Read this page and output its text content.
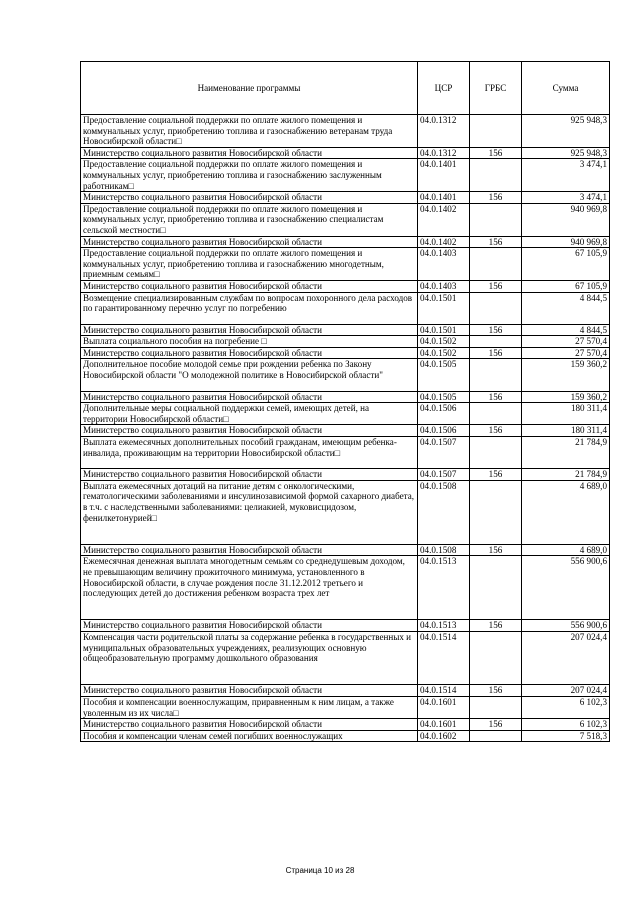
Наименование программы	ЦСР	ГРБС	Сумма
Предоставление социальной поддержки по оплате жилого помещения и коммунальных услуг, приобретению топлива и газоснабжению ветеранам труда Новосибирской области□	04.0.1312		925 948,3
Министерство социального развития Новосибирской области	04.0.1312	156	925 948,3
Предоставление социальной поддержки по оплате жилого помещения и коммунальных услуг, приобретению топлива и газоснабжению заслуженным работникам□	04.0.1401		3 474,1
Министерство социального развития Новосибирской области	04.0.1401	156	3 474,1
Предоставление социальной поддержки по оплате жилого помещения и коммунальных услуг, приобретению топлива и газоснабжению специалистам сельской местности□	04.0.1402		940 969,8
Министерство социального развития Новосибирской области	04.0.1402	156	940 969,8
Предоставление социальной поддержки по оплате жилого помещения и коммунальных услуг, приобрeтению топлива и газоснабжению многодетным, приемным семьям□	04.0.1403		67 105,9
Министерство социального развития Новосибирской области	04.0.1403	156	67 105,9
Возмещение специализированным службам по вопросам похоронного дела расходов по гарантированному перечню услуг по погребению	04.0.1501		4 844,5
Министерство социального развития Новосибирской области	04.0.1501	156	4 844,5
Выплата социального пособия на погребение □	04.0.1502		27 570,4
Министерство социального развития Новосибирской области	04.0.1502	156	27 570,4
Дополнительное пособие молодой семье при рождении ребенка по Закону Новосибирской области "О молодежной политике в Новосибирской области"	04.0.1505		159 360,2
Министерство социального развития Новосибирской области	04.0.1505	156	159 360,2
Дополнительные меры социальной поддержки семей, имеющих детей, на территории Новосибирской области□	04.0.1506		180 311,4
Министерство социального развития Новосибирской области	04.0.1506	156	180 311,4
Выплата ежемесячных дополнительных пособий гражданам, имеющим ребенка-инвалида, проживающим на территории Новосибирской области□	04.0.1507		21 784,9
Министерство социального развития Новосибирской области	04.0.1507	156	21 784,9
Выплата ежемесячных дотаций на питание детям с онкологическими, гематологическими заболеваниями и инсулинозависимой формой сахарного диабета, в т.ч. с наследственными заболеваниями: целиакией, муковисцидозом, фенилкетонурией□	04.0.1508		4 689,0
Министерство социального развития Новосибирской области	04.0.1508	156	4 689,0
Ежемесячная денежная выплата многодетным семьям со среднедушевым доходом, не превышающим величину прожиточного минимума, установленного в Новосибирской области, в случае рождения после 31.12.2012 третьего и последующих детей до достижения ребенком возраста трех лет	04.0.1513		556 900,6
Министерство социального развития Новосибирской области	04.0.1513	156	556 900,6
Компенсация части родительской платы за содержание ребенка в государственных и муниципальных образовательных учреждениях, реализующих основную общеобразовательную программу дошкольного образования	04.0.1514		207 024,4
Министерство социального развития Новосибирской области	04.0.1514	156	207 024,4
Пособия и компенсации военнослужащим, приравненным к ним лицам, а также уволенным из их числа□	04.0.1601		6 102,3
Министерство социального развития Новосибирской области	04.0.1601	156	6 102,3
Пособия и компенсации членам семей погибших военнослужащих	04.0.1602		7 518,3
Страница 10 из 28
